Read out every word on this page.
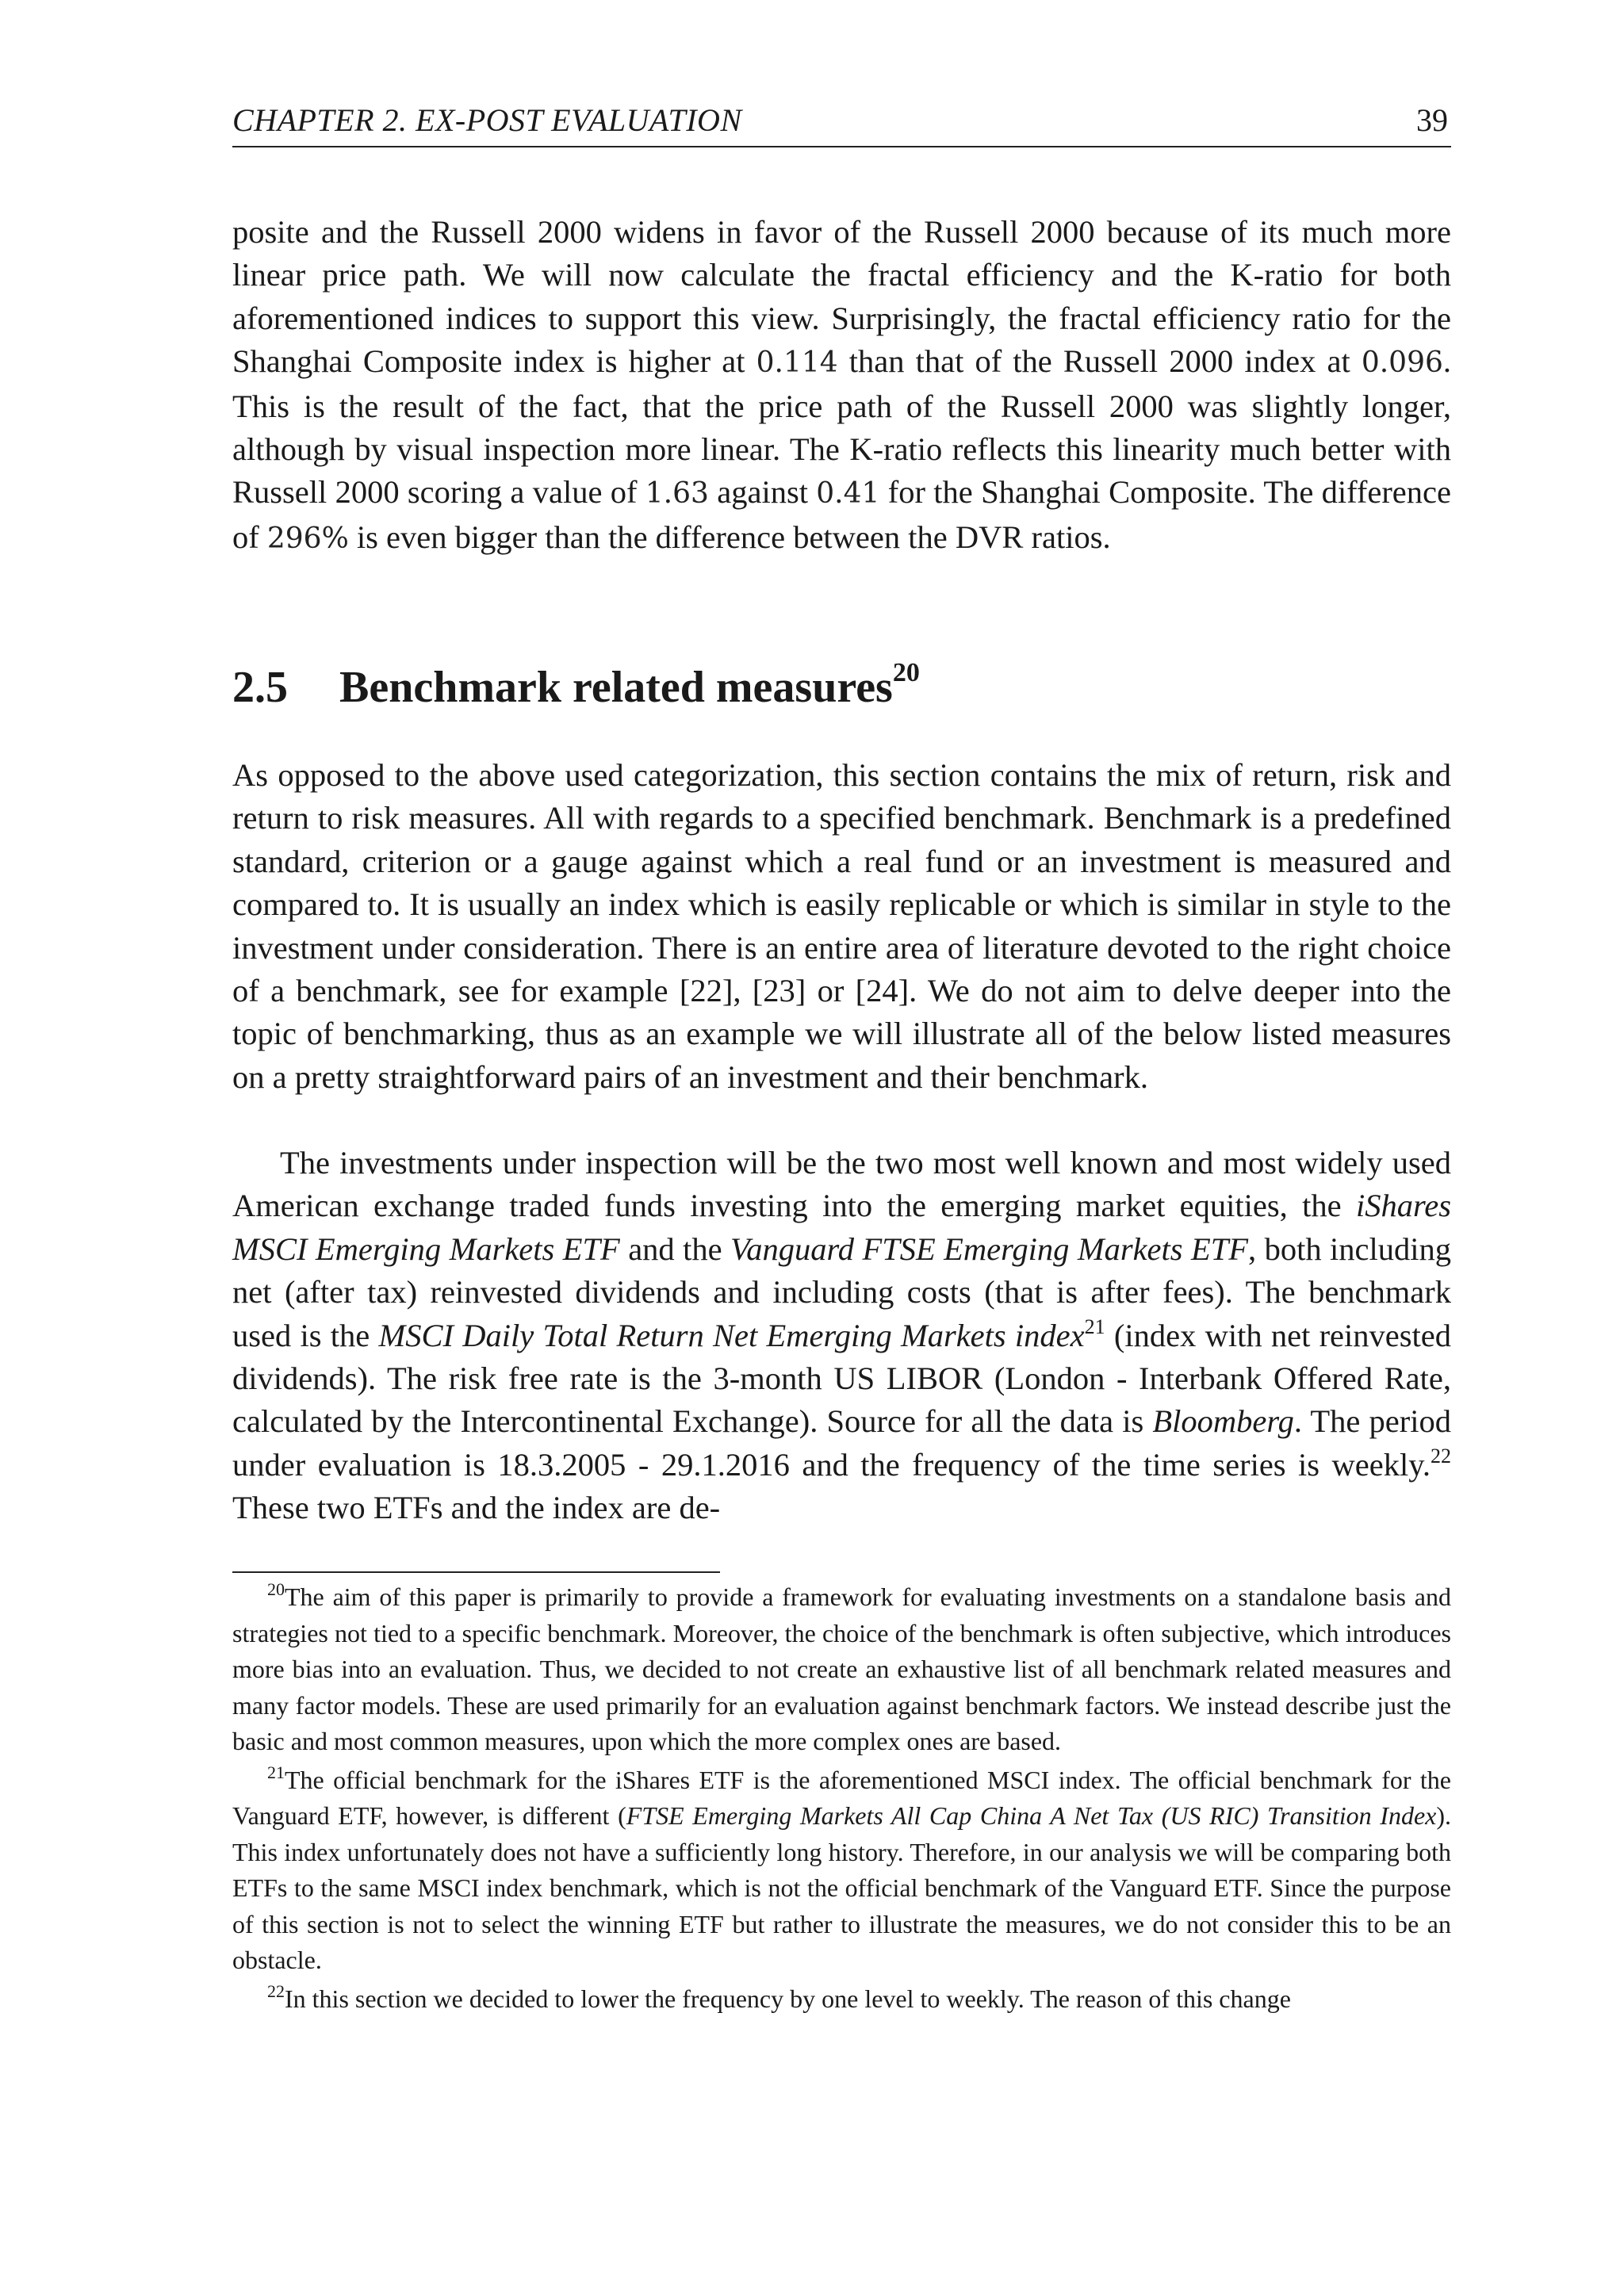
CHAPTER 2. EX-POST EVALUATION	39

posite and the Russell 2000 widens in favor of the Russell 2000 because of its much more linear price path. We will now calculate the fractal efficiency and the K-ratio for both aforementioned indices to support this view. Surprisingly, the fractal efficiency ratio for the Shanghai Composite index is higher at 0.114 than that of the Russell 2000 index at 0.096. This is the result of the fact, that the price path of the Russell 2000 was slightly longer, although by visual inspection more linear. The K-ratio reflects this linearity much better with Russell 2000 scoring a value of 1.63 against 0.41 for the Shanghai Composite. The difference of 296% is even bigger than the difference between the DVR ratios.

2.5 Benchmark related measures$^{20}$

As opposed to the above used categorization, this section contains the mix of return, risk and return to risk measures. All with regards to a specified benchmark. Benchmark is a predefined standard, criterion or a gauge against which a real fund or an investment is measured and compared to. It is usually an index which is easily replicable or which is similar in style to the investment under consideration. There is an entire area of literature devoted to the right choice of a benchmark, see for example [22], [23] or [24]. We do not aim to delve deeper into the topic of benchmarking, thus as an example we will illustrate all of the below listed measures on a pretty straightforward pairs of an investment and their benchmark.

The investments under inspection will be the two most well known and most widely used American exchange traded funds investing into the emerging market equities, the iShares MSCI Emerging Markets ETF and the Vanguard FTSE Emerging Markets ETF, both including net (after tax) reinvested dividends and including costs (that is after fees). The benchmark used is the MSCI Daily Total Return Net Emerging Markets index$^{21}$ (index with net reinvested dividends). The risk free rate is the 3-month US LIBOR (London - Interbank Offered Rate, calculated by the Intercontinental Exchange). Source for all the data is Bloomberg. The period under evaluation is 18.3.2005 - 29.1.2016 and the frequency of the time series is weekly.$^{22}$ These two ETFs and the index are de-

$^{20}$The aim of this paper is primarily to provide a framework for evaluating investments on a standalone basis and strategies not tied to a specific benchmark. Moreover, the choice of the benchmark is often subjective, which introduces more bias into an evaluation. Thus, we decided to not create an exhaustive list of all benchmark related measures and many factor models. These are used primarily for an evaluation against benchmark factors. We instead describe just the basic and most common measures, upon which the more complex ones are based.

$^{21}$The official benchmark for the iShares ETF is the aforementioned MSCI index. The official benchmark for the Vanguard ETF, however, is different (FTSE Emerging Markets All Cap China A Net Tax (US RIC) Transition Index). This index unfortunately does not have a sufficiently long history. Therefore, in our analysis we will be comparing both ETFs to the same MSCI index benchmark, which is not the official benchmark of the Vanguard ETF. Since the purpose of this section is not to select the winning ETF but rather to illustrate the measures, we do not consider this to be an obstacle.

$^{22}$In this section we decided to lower the frequency by one level to weekly. The reason of this change
